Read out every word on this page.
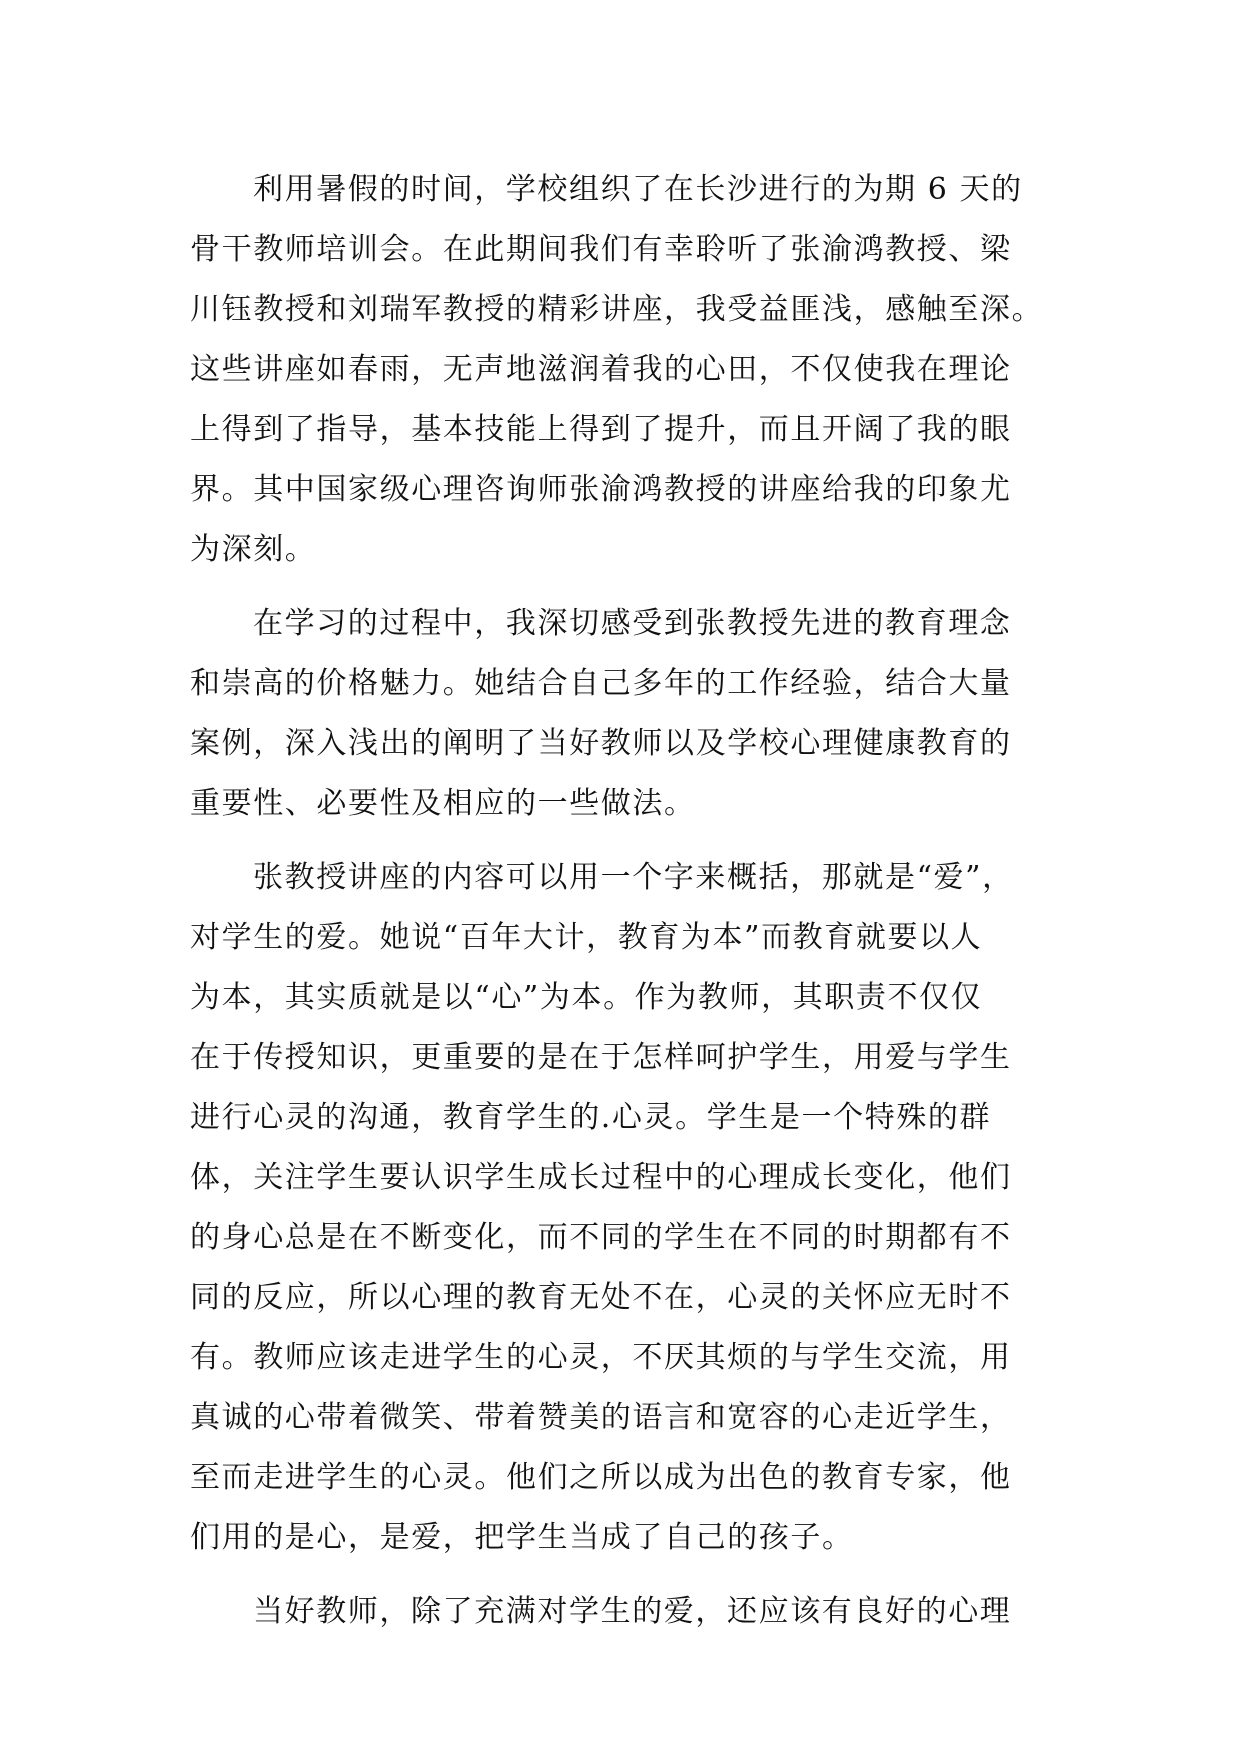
利用暑假的时间，学校组织了在长沙进行的为期 6 天的
骨干教师培训会。在此期间我们有幸聆听了张渝鸿教授、梁
川钰教授和刘瑞军教授的精彩讲座，我受益匪浅，感触至深。
这些讲座如春雨，无声地滋润着我的心田，不仅使我在理论
上得到了指导，基本技能上得到了提升，而且开阔了我的眼
界。其中国家级心理咨询师张渝鸿教授的讲座给我的印象尤
为深刻。
在学习的过程中，我深切感受到张教授先进的教育理念
和崇高的价格魅力。她结合自己多年的工作经验，结合大量
案例，深入浅出的阐明了当好教师以及学校心理健康教育的
重要性、必要性及相应的一些做法。
张教授讲座的内容可以用一个字来概括，那就是“爱”，
对学生的爱。她说“百年大计，教育为本”而教育就要以人
为本，其实质就是以“心”为本。作为教师，其职责不仅仅
在于传授知识，更重要的是在于怎样呵护学生，用爱与学生
进行心灵的沟通，教育学生的.心灵。学生是一个特殊的群
体，关注学生要认识学生成长过程中的心理成长变化，他们
的身心总是在不断变化，而不同的学生在不同的时期都有不
同的反应，所以心理的教育无处不在，心灵的关怀应无时不
有。教师应该走进学生的心灵，不厌其烦的与学生交流，用
真诚的心带着微笑、带着赞美的语言和宽容的心走近学生，
至而走进学生的心灵。他们之所以成为出色的教育专家，他
们用的是心，是爱，把学生当成了自己的孩子。
当好教师，除了充满对学生的爱，还应该有良好的心理
